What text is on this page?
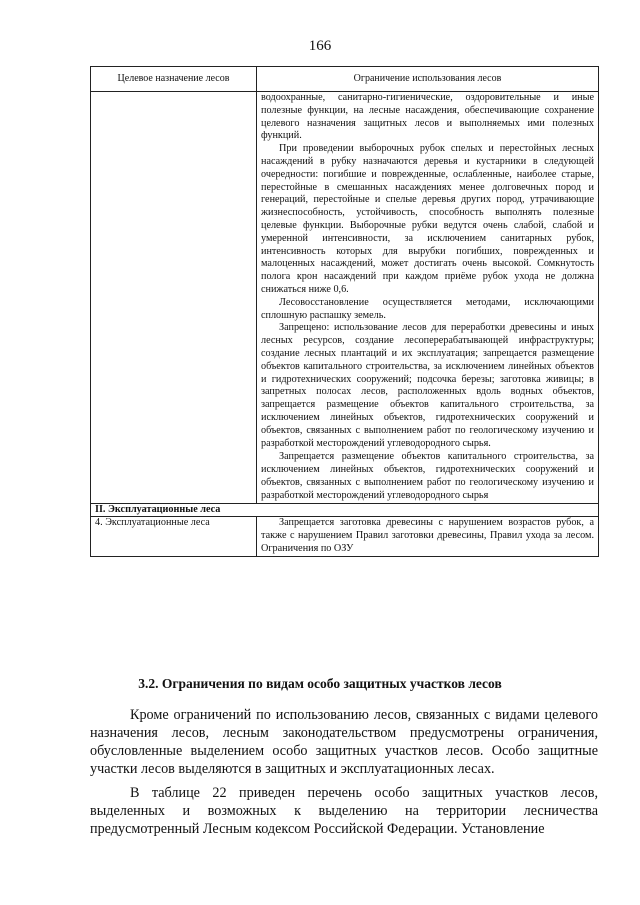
166
Целевое назначение лесов	Ограничение использования лесов

	водоохранные, санитарно-гигиенические, оздоровительные и иные полезные функции, на лесные насаждения, обеспечивающие сохранение целевого назначения защитных лесов и выполняемых ими полезных функций.

При проведении выборочных рубок спелых и перестойных лесных насаждений в рубку назначаются деревья и кустарники в следующей очередности: погибшие и поврежденные, ослабленные, наиболее старые, перестойные в смешанных насаждениях менее долговечных пород и генераций, перестойные и спелые деревья других пород, утрачивающие жизнеспособность, устойчивость, способность выполнять полезные целевые функции. Выборочные рубки ведутся очень слабой, слабой и умеренной интенсивности, за исключением санитарных рубок, интенсивность которых для вырубки погибших, поврежденных и малоценных насаждений, может достигать очень высокой. Сомкнутость полога крон насаждений при каждом приёме рубок ухода не должна снижаться ниже 0,6.

Лесовосстановление осуществляется методами, исключающими сплошную распашку земель.

Запрещено: использование лесов для переработки древесины и иных лесных ресурсов, создание лесоперерабатывающей инфраструктуры; создание лесных плантаций и их эксплуатация; запрещается размещение объектов капитального строительства, за исключением линейных объектов и гидротехнических сооружений; подсочка березы; заготовка живицы; в запретных полосах лесов, расположенных вдоль водных объектов, запрещается размещение объектов капитального строительства, за исключением линейных объектов, гидротехнических сооружений и объектов, связанных с выполнением работ по геологическому изучению и разработкой месторождений углеводородного сырья.

Запрещается размещение объектов капитального строительства, за исключением линейных объектов, гидротехнических сооружений и объектов, связанных с выполнением работ по геологическому изучению и разработкой месторождений углеводородного сырья

II. Эксплуатационные леса	
4. Эксплуатационные леса	Запрещается заготовка древесины с нарушением возрастов рубок, а также с нарушением Правил заготовки древесины, Правил ухода за лесом. Ограничения по ОЗУ

3.2. Ограничения по видам особо защитных участков лесов

Кроме ограничений по использованию лесов, связанных с видами целевого назначения лесов, лесным законодательством предусмотрены ограничения, обусловленные выделением особо защитных участков лесов. Особо защитные участки лесов выделяются в защитных и эксплуатационных лесах.

В таблице 22 приведен перечень особо защитных участков лесов, выделенных и возможных к выделению на территории лесничества предусмотренный Лесным кодексом Российской Федерации. Установление
